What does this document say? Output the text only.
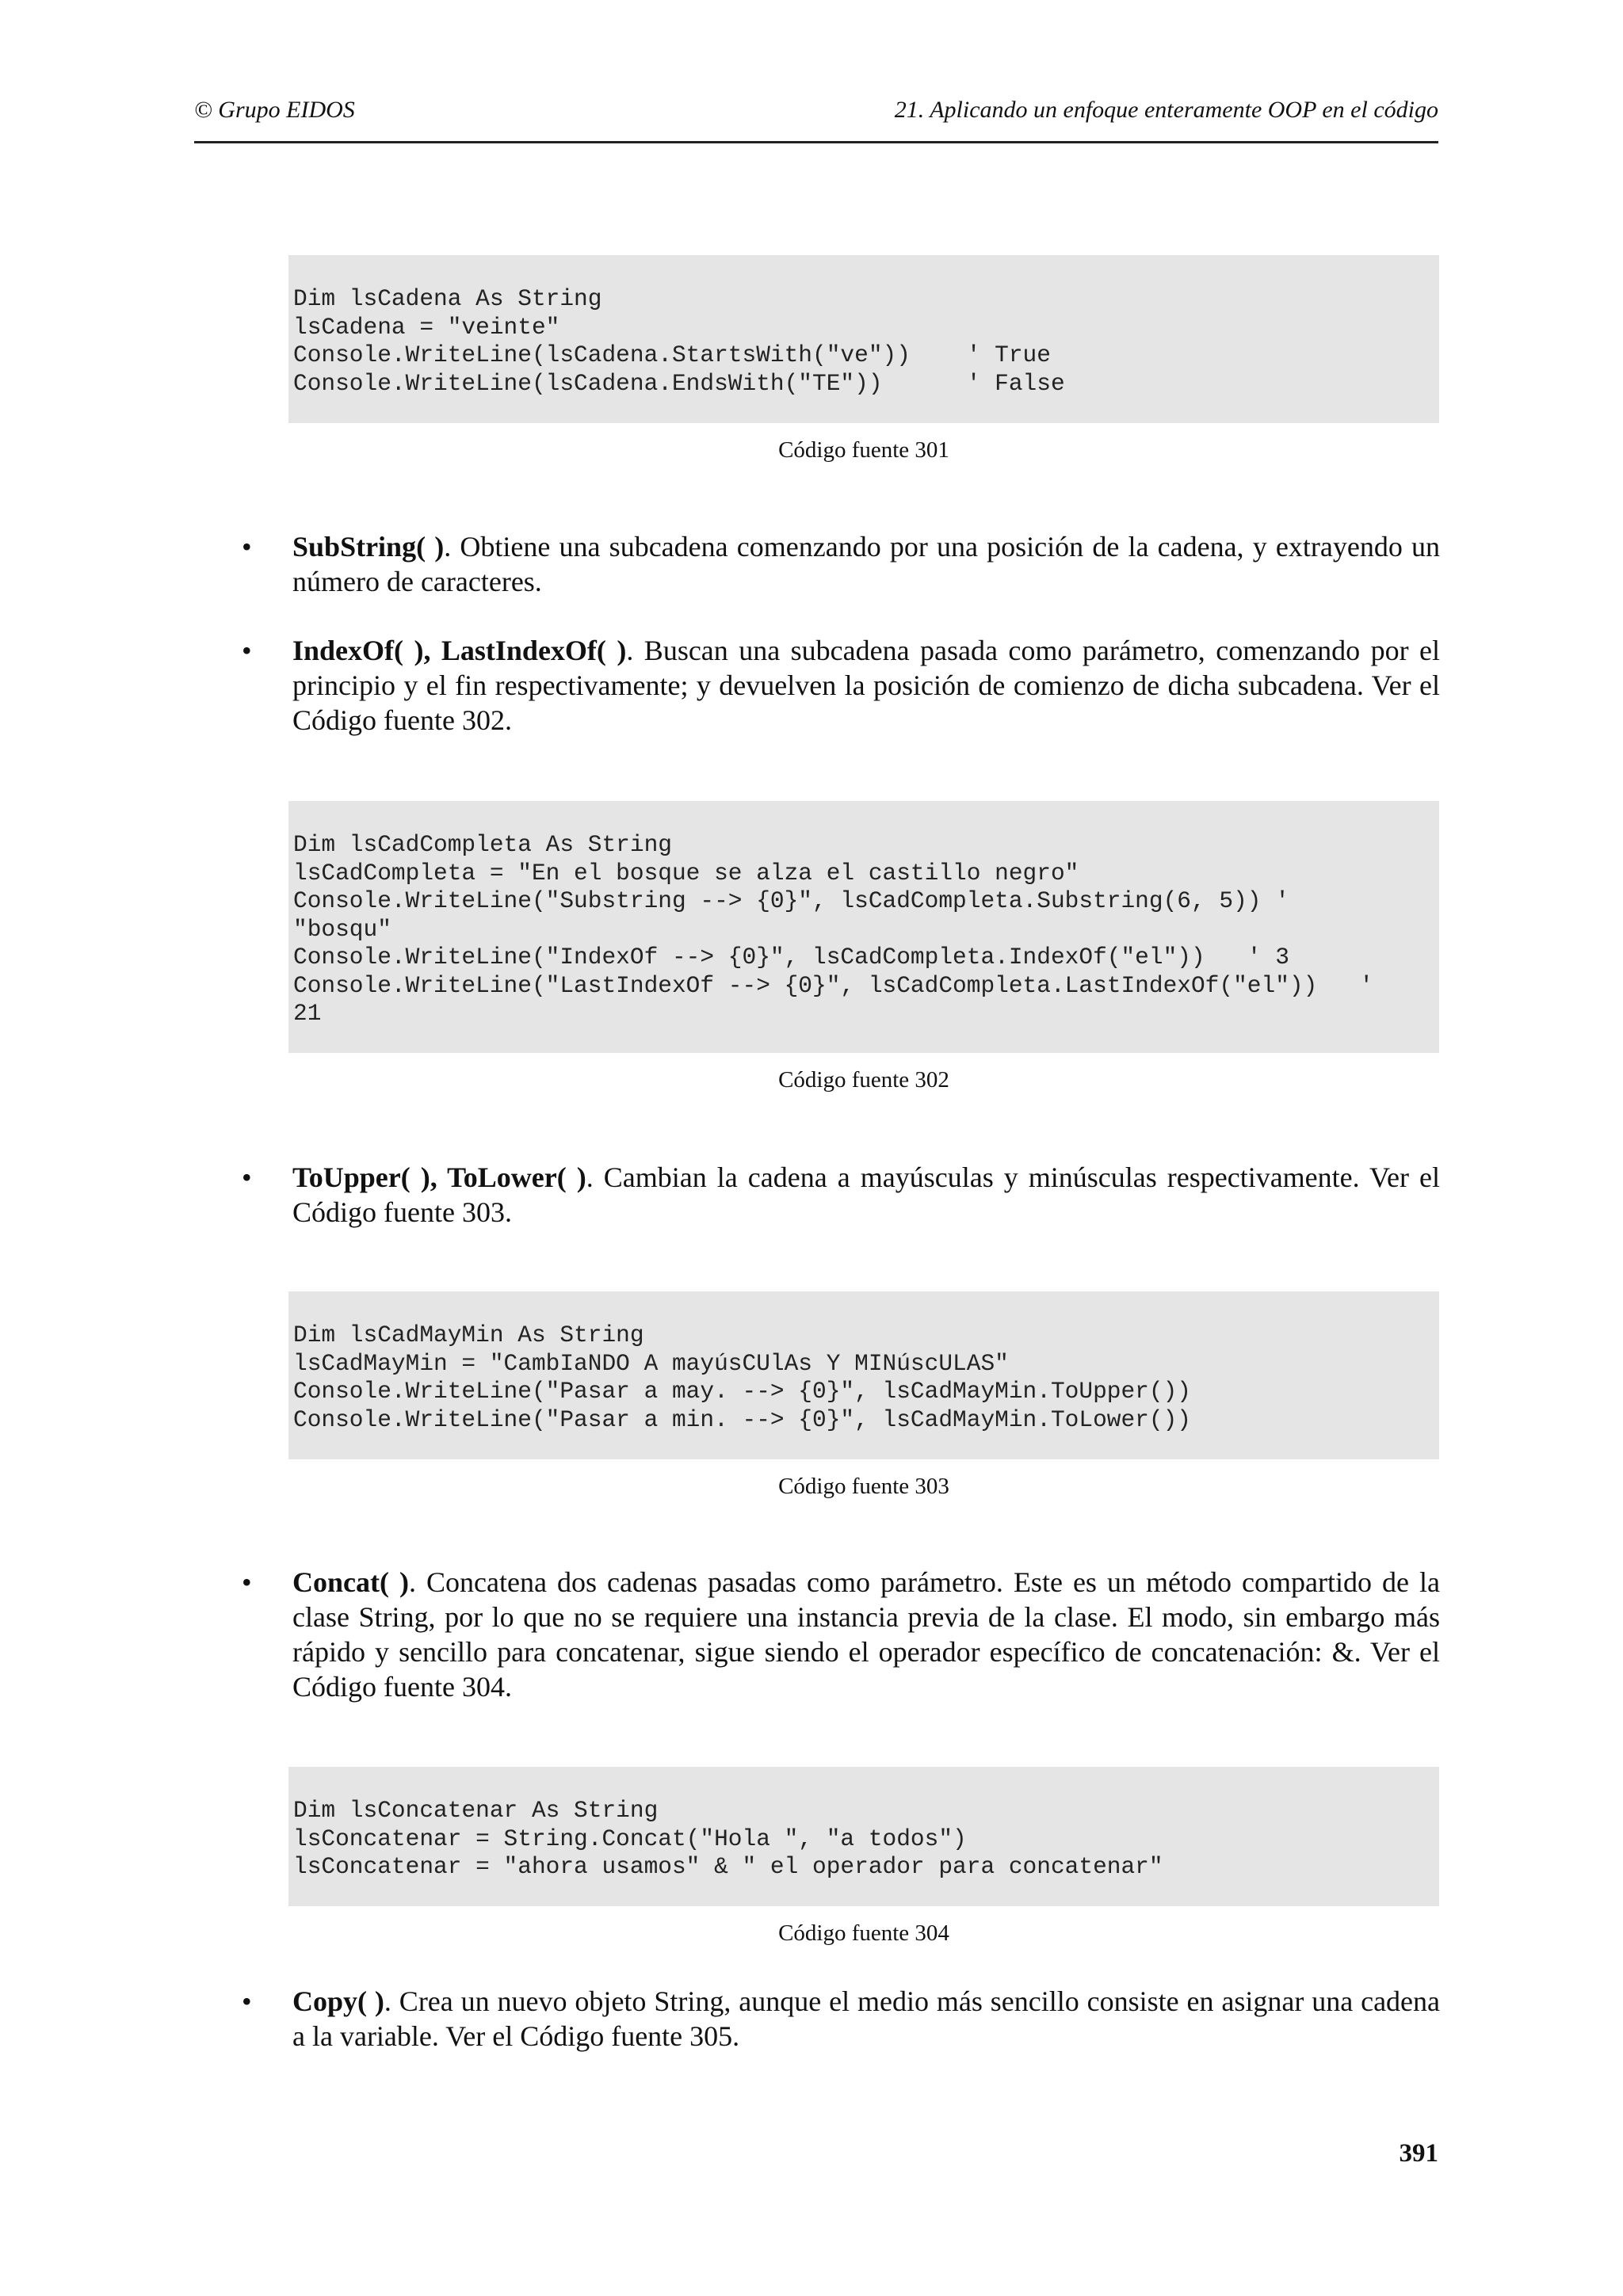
© Grupo EIDOS	21. Aplicando un enfoque enteramente OOP en el código
Dim lsCadena As String
lsCadena = "veinte"
Console.WriteLine(lsCadena.StartsWith("ve"))    ' True
Console.WriteLine(lsCadena.EndsWith("TE"))      ' False
Código fuente 301
•	SubString( ). Obtiene una subcadena comenzando por una posición de la cadena, y extrayendo un número de caracteres.
•	IndexOf( ), LastIndexOf( ). Buscan una subcadena pasada como parámetro, comenzando por el principio y el fin respectivamente; y devuelven la posición de comienzo de dicha subcadena. Ver el Código fuente 302.
Dim lsCadCompleta As String
lsCadCompleta = "En el bosque se alza el castillo negro"
Console.WriteLine("Substring --> {0}", lsCadCompleta.Substring(6, 5)) '
"bosqu"
Console.WriteLine("IndexOf --> {0}", lsCadCompleta.IndexOf("el"))   ' 3
Console.WriteLine("LastIndexOf --> {0}", lsCadCompleta.LastIndexOf("el"))   '
21
Código fuente 302
•	ToUpper( ), ToLower( ). Cambian la cadena a mayúsculas y minúsculas respectivamente. Ver el Código fuente 303.
Dim lsCadMayMin As String
lsCadMayMin = "CambIaNDO A mayúsCUlAs Y MINúscULAS"
Console.WriteLine("Pasar a may. --> {0}", lsCadMayMin.ToUpper())
Console.WriteLine("Pasar a min. --> {0}", lsCadMayMin.ToLower())
Código fuente 303
•	Concat( ). Concatena dos cadenas pasadas como parámetro. Este es un método compartido de la clase String, por lo que no se requiere una instancia previa de la clase. El modo, sin embargo más rápido y sencillo para concatenar, sigue siendo el operador específico de concatenación: &. Ver el Código fuente 304.
Dim lsConcatenar As String
lsConcatenar = String.Concat("Hola ", "a todos")
lsConcatenar = "ahora usamos" & " el operador para concatenar"
Código fuente 304
•	Copy( ). Crea un nuevo objeto String, aunque el medio más sencillo consiste en asignar una cadena a la variable. Ver el Código fuente 305.
391
